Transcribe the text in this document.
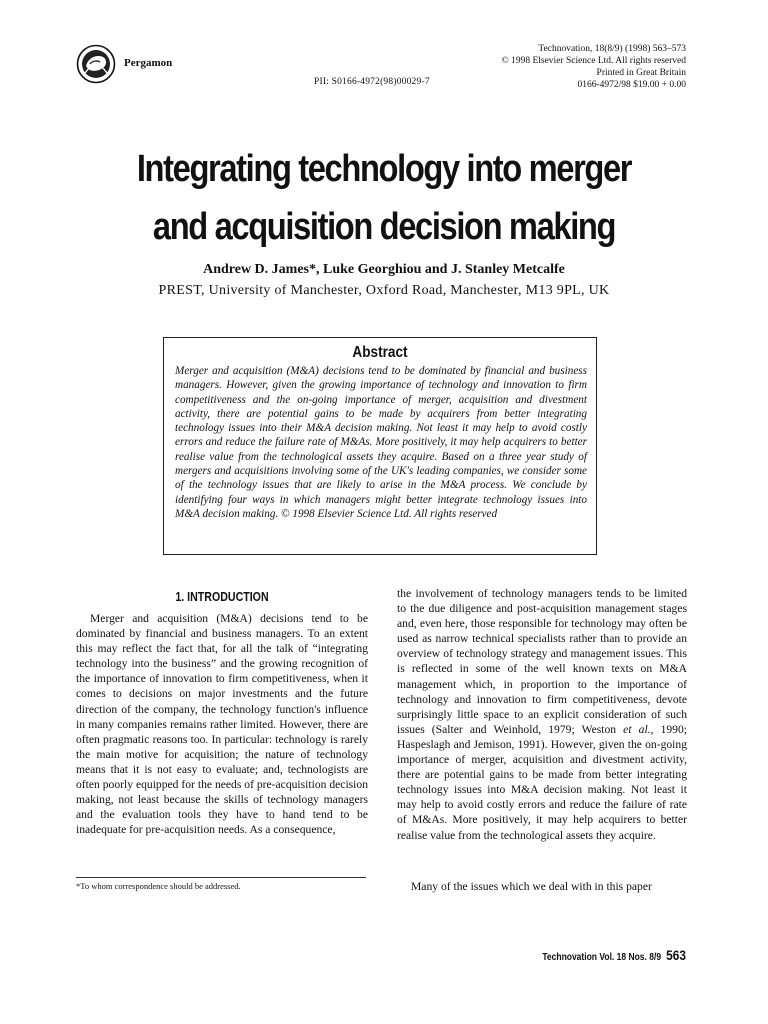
Pergamon
PII: S0166-4972(98)00029-7
Technovation, 18(8/9) (1998) 563–573
© 1998 Elsevier Science Ltd. All rights reserved
Printed in Great Britain
0166-4972/98 $19.00 + 0.00
Integrating technology into merger
and acquisition decision making
Andrew D. James*, Luke Georghiou and J. Stanley Metcalfe
PREST, University of Manchester, Oxford Road, Manchester, M13 9PL, UK
Abstract
Merger and acquisition (M&A) decisions tend to be dominated by financial and business managers. However, given the growing importance of technology and innovation to firm competitiveness and the on-going importance of merger, acquisition and divestment activity, there are potential gains to be made by acquirers from better integrating technology issues into their M&A decision making. Not least it may help to avoid costly errors and reduce the failure rate of M&As. More positively, it may help acquirers to better realise value from the technological assets they acquire. Based on a three year study of mergers and acquisitions involving some of the UK's leading companies, we consider some of the technology issues that are likely to arise in the M&A process. We conclude by identifying four ways in which managers might better integrate technology issues into M&A decision making. © 1998 Elsevier Science Ltd. All rights reserved
1. INTRODUCTION

Merger and acquisition (M&A) decisions tend to be dominated by financial and business managers. To an extent this may reflect the fact that, for all the talk of “integrating technology into the business” and the growing recognition of the importance of innovation to firm competitiveness, when it comes to decisions on major investments and the future direction of the company, the technology function's influence in many companies remains rather limited. However, there are often pragmatic reasons too. In particular: technology is rarely the main motive for acquisition; the nature of technology means that it is not easy to evaluate; and, technologists are often poorly equipped for the needs of pre-acquisition decision making, not least because the skills of technology managers and the evaluation tools they have to hand tend to be inadequate for pre-acquisition needs. As a consequence,

the involvement of technology managers tends to be limited to the due diligence and post-acquisition management stages and, even here, those responsible for technology may often be used as narrow technical specialists rather than to provide an overview of technology strategy and management issues. This is reflected in some of the well known texts on M&A management which, in proportion to the importance of technology and innovation to firm competitiveness, devote surprisingly little space to an explicit consideration of such issues (Salter and Weinhold, 1979; Weston et al., 1990; Haspeslagh and Jemison, 1991). However, given the on-going importance of merger, acquisition and divestment activity, there are potential gains to be made from better integrating technology issues into M&A decision making. Not least it may help to avoid costly errors and reduce the failure of rate of M&As. More positively, it may help acquirers to better realise value from the technological assets they acquire.

Many of the issues which we deal with in this paper
*To whom correspondence should be addressed.
Technovation Vol. 18 Nos. 8/9 563
